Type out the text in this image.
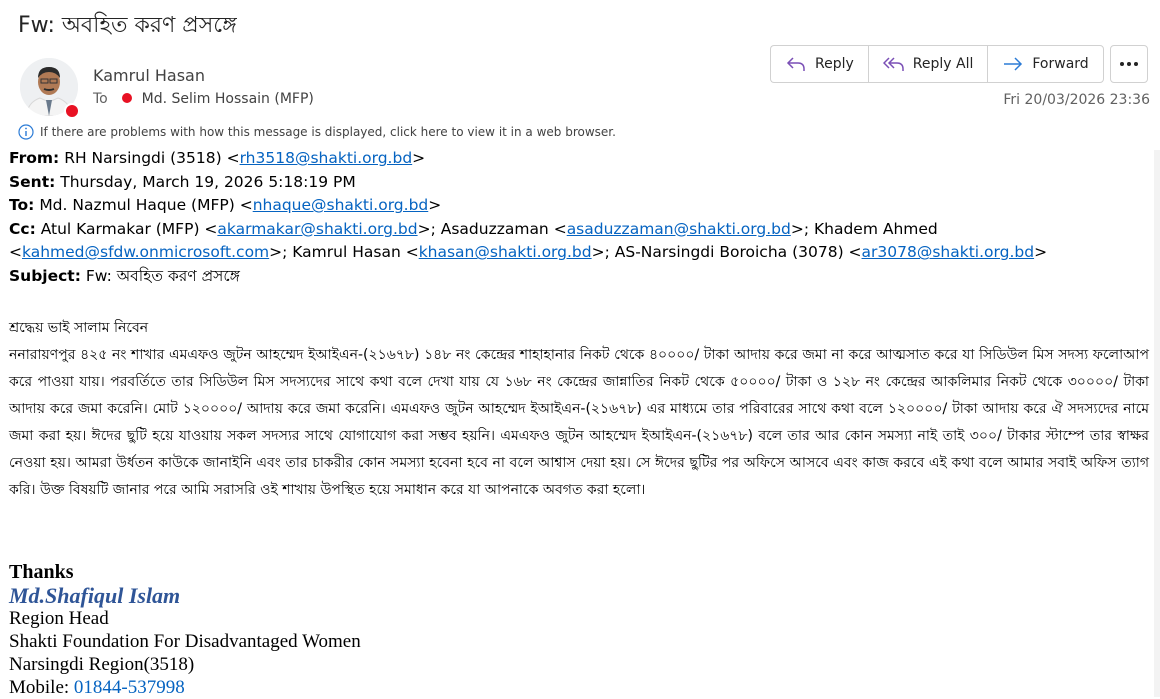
Fw: অবহিত করণ প্রসঙ্গে
Kamrul Hasan
To Md. Selim Hossain (MFP)
Reply	Reply All	Forward
Fri 20/03/2026 23:36
If there are problems with how this message is displayed, click here to view it in a web browser.
From: RH Narsingdi (3518) <rh3518@shakti.org.bd>
Sent: Thursday, March 19, 2026 5:18:19 PM
To: Md. Nazmul Haque (MFP) <nhaque@shakti.org.bd>
Cc: Atul Karmakar (MFP) <akarmakar@shakti.org.bd>; Asaduzzaman <asaduzzaman@shakti.org.bd>; Khadem Ahmed
<kahmed@sfdw.onmicrosoft.com>; Kamrul Hasan <khasan@shakti.org.bd>; AS-Narsingdi Boroicha (3078) <ar3078@shakti.org.bd>
Subject: Fw: অবহিত করণ প্রসঙ্গে

শ্রদ্ধেয় ভাই সালাম নিবেন

ননারায়ণপুর ৪২৫ নং শাখার এমএফও জুটন আহম্মেদ ইআইএন-(২১৬৭৮) ১৪৮ নং কেন্দ্রের শাহাহানার নিকট থেকে ৪০০০০/ টাকা আদায় করে জমা না করে আত্মসাত করে যা সিডিউল মিস সদস্য ফলোআপ করে পাওয়া যায়। পরবর্তিতে তার সিডিউল মিস সদস্যদের সাথে কথা বলে দেখা যায় যে ১৬৮ নং কেন্দ্রের জান্নাতির নিকট থেকে ৫০০০০/ টাকা ও ১২৮ নং কেন্দ্রের আকলিমার নিকট থেকে ৩০০০০/ টাকা আদায় করে জমা করেনি। মোট ১২০০০০/ আদায় করে জমা করেনি। এমএফও জুটন আহম্মেদ ইআইএন-(২১৬৭৮) এর মাধ্যমে তার পরিবারের সাথে কথা বলে ১২০০০০/ টাকা আদায় করে ঐ সদস্যদের নামে জমা করা হয়। ঈদের ছুটি হয়ে যাওয়ায় সকল সদস্যর সাথে যোগাযোগ করা সম্ভব হয়নি। এমএফও জুটন আহম্মেদ ইআইএন-(২১৬৭৮) বলে তার আর কোন সমস্যা নাই তাই ৩০০/ টাকার স্টাম্পে তার স্বাক্ষর নেওয়া হয়। আমরা উর্ধতন কাউকে জানাইনি এবং তার চাকরীর কোন সমস্যা হবেনা হবে না বলে আশ্বাস দেয়া হয়। সে ঈদের ছুটির পর অফিসে আসবে এবং কাজ করবে এই কথা বলে আমার সবাই অফিস ত্যাগ করি। উক্ত বিষয়টি জানার পরে আমি সরাসরি ওই শাখায় উপস্থিত হয়ে সমাধান করে যা আপনাকে অবগত করা হলো।

Thanks
Md.Shafiqul Islam
Region Head
Shakti Foundation For Disadvantaged Women
Narsingdi Region(3518)
Mobile: 01844-537998
